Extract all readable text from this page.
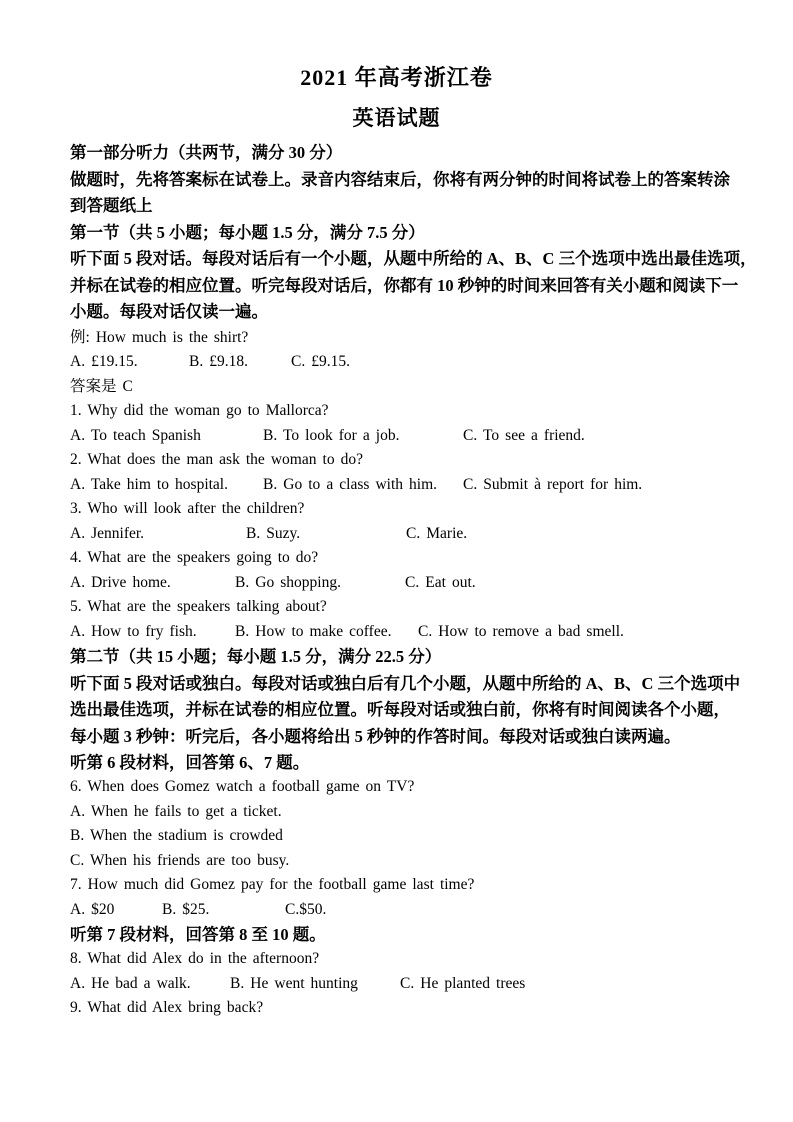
2021 年高考浙江卷
英语试题
第一部分听力（共两节，满分 30 分）
做题时，先将答案标在试卷上。录音内容结束后，你将有两分钟的时间将试卷上的答案转涂
到答题纸上
第一节（共 5 小题；每小题 1.5 分，满分 7.5 分）
听下面 5 段对话。每段对话后有一个小题，从题中所给的 A、B、C 三个选项中选出最佳选项，
并标在试卷的相应位置。听完每段对话后，你都有 10 秒钟的时间来回答有关小题和阅读下一
小题。每段对话仅读一遍。
例: How much is the shirt?
A. £19.15.	B. £9.18.	C. £9.15.
答案是 C
1. Why did the woman go to Mallorca?
A. To teach Spanish	B. To look for a job.	C. To see a friend.
2. What does the man ask the woman to do?
A. Take him to hospital.	B. Go to a class with him.	C. Submit à report for him.
3. Who will look after the children?
A. Jennifer.	B. Suzy.	C. Marie.
4. What are the speakers going to do?
A. Drive home.	B. Go shopping.	C. Eat out.
5. What are the speakers talking about?
A. How to fry fish.	B. How to make coffee.	C. How to remove a bad smell.
第二节（共 15 小题；每小题 1.5 分，满分 22.5 分）
听下面 5 段对话或独白。每段对话或独白后有几个小题，从题中所给的 A、B、C 三个选项中
选出最佳选项，并标在试卷的相应位置。听每段对话或独白前，你将有时间阅读各个小题，
每小题 3 秒钟：听完后，各小题将给出 5 秒钟的作答时间。每段对话或独白读两遍。
听第 6 段材料，回答第 6、7 题。
6. When does Gomez watch a football game on TV?
A. When he fails to get a ticket.
B. When the stadium is crowded
C. When his friends are too busy.
7. How much did Gomez pay for the football game last time?
A. $20	B. $25.	C.$50.
听第 7 段材料，回答第 8 至 10 题。
8. What did Alex do in the afternoon?
A. He bad a walk.	B. He went hunting	C. He planted trees
9. What did Alex bring back?
